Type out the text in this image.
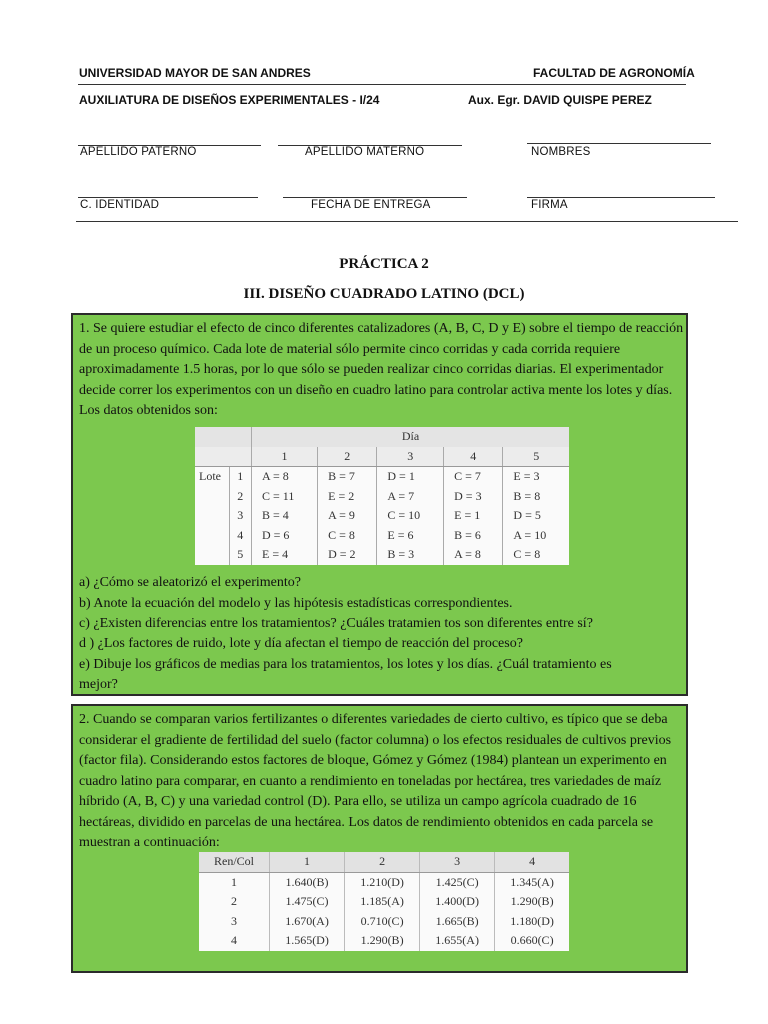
UNIVERSIDAD MAYOR DE SAN ANDRES	FACULTAD DE AGRONOMÍA
AUXILIATURA DE DISEÑOS EXPERIMENTALES - I/24	Aux. Egr. DAVID QUISPE PEREZ
APELLIDO PATERNO	APELLIDO MATERNO	NOMBRES
C. IDENTIDAD	FECHA DE ENTREGA	FIRMA
PRÁCTICA 2
III. DISEÑO CUADRADO LATINO (DCL)

1. Se quiere estudiar el efecto de cinco diferentes catalizadores (A, B, C, D y E) sobre el tiempo de reacción de un proceso químico. Cada lote de material sólo permite cinco corridas y cada corrida requiere aproximadamente 1.5 horas, por lo que sólo se pueden realizar cinco corridas diarias. El experimentador decide correr los experimentos con un diseño en cuadro latino para controlar activa mente los lotes y días. Los datos obtenidos son:

		Día				
		1	2	3	4	5
Lote	1	A = 8	B = 7	D = 1	C = 7	E = 3
	2	C = 11	E = 2	A = 7	D = 3	B = 8
	3	B = 4	A = 9	C = 10	E = 1	D = 5
	4	D = 6	C = 8	E = 6	B = 6	A = 10
	5	E = 4	D = 2	B = 3	A = 8	C = 8
a) ¿Cómo se aleatorizó el experimento?
b) Anote la ecuación del modelo y las hipótesis estadísticas correspondientes.
c) ¿Existen diferencias entre los tratamientos? ¿Cuáles tratamien tos son diferentes entre sí?
d ) ¿Los factores de ruido, lote y día afectan el tiempo de reacción del proceso?
e) Dibuje los gráficos de medias para los tratamientos, los lotes y los días. ¿Cuál tratamiento es
mejor?

2. Cuando se comparan varios fertilizantes o diferentes variedades de cierto cultivo, es típico que se deba considerar el gradiente de fertilidad del suelo (factor columna) o los efectos residuales de cultivos previos (factor fila). Considerando estos factores de bloque, Gómez y Gómez (1984) plantean un experimento en cuadro latino para comparar, en cuanto a rendimiento en toneladas por hectárea, tres variedades de maíz híbrido (A, B, C) y una variedad control (D). Para ello, se utiliza un campo agrícola cuadrado de 16 hectáreas, dividido en parcelas de una hectárea. Los datos de rendimiento obtenidos en cada parcela se muestran a continuación:

Ren/Col	1	2	3	4
1	1.640(B)	1.210(D)	1.425(C)	1.345(A)
2	1.475(C)	1.185(A)	1.400(D)	1.290(B)
3	1.670(A)	0.710(C)	1.665(B)	1.180(D)
4	1.565(D)	1.290(B)	1.655(A)	0.660(C)
